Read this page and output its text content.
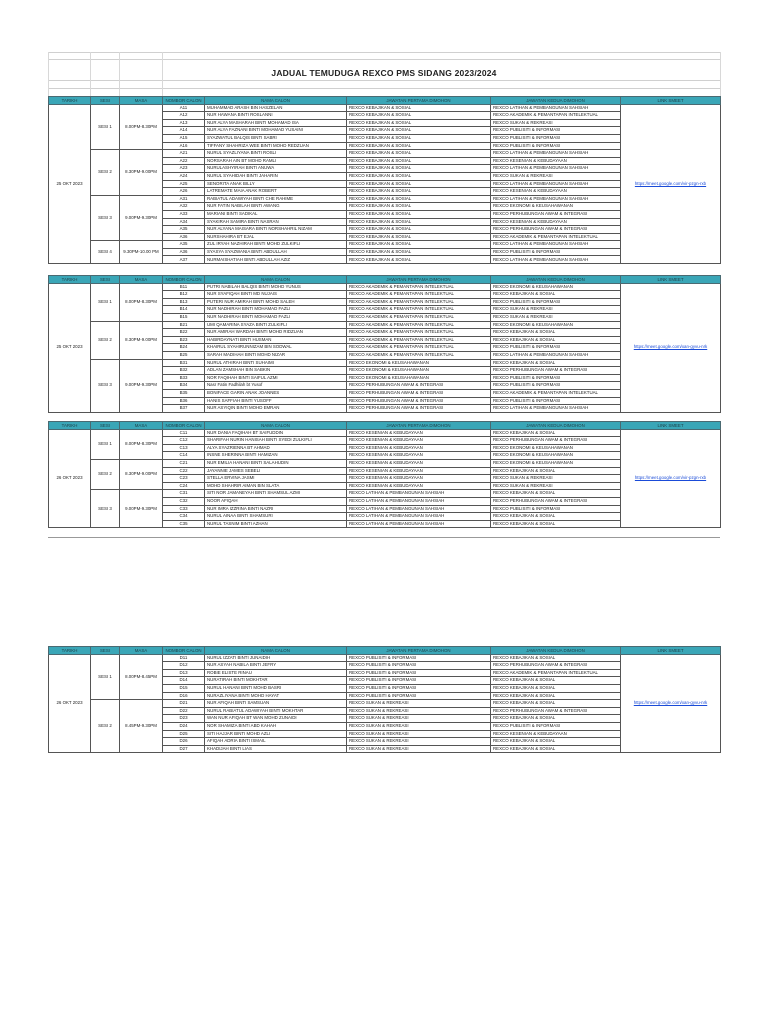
JADUAL TEMUDUGA REXCO PMS SIDANG 2023/2024
TARIKH	SESI	MASA	NOMBOR CALON	NAMA CALON	JAWATAN PERTAMA DIMOHON	JAWATAN KEDUA DIMOHON	LINK SMEET
25 OKT 2023	SESI 1	8.00PM-8.30PM	A11	MUHAMMAD ARASH BIN HASZELAN	REXCO KEBAJIKAN & SOSIAL	REXCO LATIHAN & PEMBANGUNAN SAHSIAH	https://meet.google.com/vir-pzgn-rxb
			A12	NUR HAWANA BINTI ROSLANNI	REXCO KEBAJIKAN & SOSIAL	REXCO AKADEMIK & PEMANTAPAN INTELEKTUAL	
			A13	NUR ALYA MASHARAH BINTI MOHAMAD ISA	REXCO KEBAJIKAN & SOSIAL	REXCO SUKAN & REKREASI	
			A14	NUR ALYA FAZNANI BINTI MOHAMAD YUSAINI	REXCO KEBAJIKAN & SOSIAL	REXCO PUBLISITI & INFORMASI	
			A15	SYAZWATUL BALQIS BINTI SABRI	REXCO KEBAJIKAN & SOSIAL	REXCO PUBLISITI & INFORMASI	
			A16	TIFFANY SHAHRIZA WEE BINTI MOHD REDZUAN	REXCO KEBAJIKAN & SOSIAL	REXCO PUBLISITI & INFORMASI	
	SESI 2	8.30PM-9.00PM	A21	NURUL SYAZLIYANA BINTI ROSLI	REXCO KEBAJIKAN & SOSIAL	REXCO LATIHAN & PEMBANGUNAN SAHSIAH	
			A22	NORSARAH AIN BT MOHD RAMLI	REXCO KEBAJIKAN & SOSIAL	REXCO KESENIAN & KEBUDAYAAN	
			A23	NURULASHYIRAH BINTI ANUWA	REXCO KEBAJIKAN & SOSIAL	REXCO LATIHAN & PEMBANGUNAN SAHSIAH	
			A24	NURUL SYAHIDAH BINTI JAHARIN	REXCO KEBAJIKAN & SOSIAL	REXCO SUKAN & REKREASI	
			A25	SENORITA ANAK BILLY	REXCO KEBAJIKAN & SOSIAL	REXCO LATIHAN & PEMBANGUNAN SAHSIAH	
			A26	LATREMATE MAIA ANAK ROBERT	REXCO KEBAJIKAN & SOSIAL	REXCO KESENIAN & KEBUDAYAAN	
	SESI 3	9.00PM-9.30PM	A31	RABIATUL ADAWIYAH BINTI CHE RAHIME	REXCO KEBAJIKAN & SOSIAL	REXCO LATIHAN & PEMBANGUNAN SAHSIAH	
			A32	NUR FATIN NABILAH BINTI AWANG	REXCO KEBAJIKAN & SOSIAL	REXCO EKONOMI & KEUSAHAWANAN	
			A33	MARIANI BINTI SADIKAL	REXCO KEBAJIKAN & SOSIAL	REXCO PERHUBUNGAN AWAM & INTEGRASI	
			A34	SYAKIRAH SAMIRA BINTI NASRAN	REXCO KEBAJIKAN & SOSIAL	REXCO KESENIAN & KEBUDAYAAN	
			A35	NUR ALYANA MAISARA BINTI NORSHAHRIL NIZAM	REXCO KEBAJIKAN & SOSIAL	REXCO PERHUBUNGAN AWAM & INTEGRASI	
			A36	NURSHAHIRA BT EJAL	REXCO KEBAJIKAN & SOSIAL	REXCO AKADEMIK & PEMANTAPAN INTELEKTUAL	
	SESI 4	9.30PM-10.00 PM	A35	ZUL IRYAH NAZHIRAH BINTI MOHD ZULKIFLI	REXCO KEBAJIKAN & SOSIAL	REXCO LATIHAN & PEMBANGUNAN SAHSIAH	
			A36	SYASYA SYAZWANIA BINTI ABDULLAH	REXCO KEBAJIKAN & SOSIAL	REXCO PUBLISITI & INFORMASI	
			A37	NURMAISHATIAH BINTI ABDULLAH AZIZ	REXCO KEBAJIKAN & SOSIAL	REXCO LATIHAN & PEMBANGUNAN SAHSIAH	
TARIKH	SESI	MASA	NOMBOR CALON	NAMA CALON	JAWATAN PERTAMA DIMOHON	JAWATAN KEDUA DIMOHON	LINK SMEET
25 OKT 2023	SESI 1	8.00PM-8.30PM	B11	PUTRI NABILAH BALQIS BINTI MOHD YUNUS	REXCO AKADEMIK & PEMANTAPAN INTELEKTUAL	REXCO EKONOMI & KEUSAHAWANAN	https://meet.google.com/xan-gyvu-nrk
			B12	NUR SYAFIQAH BINTI MD NUJAIS	REXCO AKADEMIK & PEMANTAPAN INTELEKTUAL	REXCO KEBAJIKAN & SOSIAL	
			B13	PUTERI NUR AMIRAH BINTI MOHD SALEH	REXCO AKADEMIK & PEMANTAPAN INTELEKTUAL	REXCO PUBLISITI & INFORMASI	
			B14	NUR NADHIRAH BINTI MOHAMAD FAZLI	REXCO AKADEMIK & PEMANTAPAN INTELEKTUAL	REXCO SUKAN & REKREASI	
			B15	NUR NADHIRAH BINTI MOHAMAD FAZLI	REXCO AKADEMIK & PEMANTAPAN INTELEKTUAL	REXCO SUKAN & REKREASI	
	SESI 2	8.30PM-9.00PM	B21	UMI QAMARINA SYAZA BINTI ZULKIFLI	REXCO AKADEMIK & PEMANTAPAN INTELEKTUAL	REXCO EKONOMI & KEUSAHAWANAN	
			B22	NUR AMIRAH WARDAH BINTI MOHD RIDZUAN	REXCO AKADEMIK & PEMANTAPAN INTELEKTUAL	REXCO KEBAJIKAN & SOSIAL	
			B23	HABIRDAYNATI BINTI HUSMAN	REXCO AKADEMIK & PEMANTAPAN INTELEKTUAL	REXCO KEBAJIKAN & SOSIAL	
			B24	KHAIRUL SYAHIRUNNIZAM BIN SODWAL	REXCO AKADEMIK & PEMANTAPAN INTELEKTUAL	REXCO PUBLISITI & INFORMASI	
			B25	SARAH MADIHAH BINTI MOHD NIZAR	REXCO AKADEMIK & PEMANTAPAN INTELEKTUAL	REXCO LATIHAN & PEMBANGUNAN SAHSIAH	
	SESI 3	9.00PM-9.30PM	B31	NURUL ATHIRAH BINTI SUHAIMI	REXCO EKONOMI & KEUSAHAWANAN	REXCO KEBAJIKAN & SOSIAL	
			B32	ADLAN ZAMSHAH BIN SABKIN	REXCO EKONOMI & KEUSAHAWANAN	REXCO PERHUBUNGAN AWAM & INTEGRASI	
			B33	NOR FAQIHAH BINTI SAIFUL AZMI	REXCO EKONOMI & KEUSAHAWANAN	REXCO PUBLISITI & INFORMASI	
			B34	Nasr Fatin Fadhilah bt Yusof	REXCO PERHUBUNGAN AWAM & INTEGRASI	REXCO PUBLISITI & INFORMASI	
			B35	BONIFACE GARIN ANAK JOANNES	REXCO PERHUBUNGAN AWAM & INTEGRASI	REXCO AKADEMIK & PEMANTAPAN INTELEKTUAL	
			B36	HANIS SAFFIAH BINTI YUSOFF	REXCO PERHUBUNGAN AWAM & INTEGRASI	REXCO PUBLISITI & INFORMASI	
			B37	NUR ASYIQIN BINTI MOHD EMRAN	REXCO PERHUBUNGAN AWAM & INTEGRASI	REXCO LATIHAN & PEMBANGUNAN SAHSIAH	
TARIKH	SESI	MASA	NOMBOR CALON	NAMA CALON	JAWATAN PERTAMA DIMOHON	JAWATAN KEDUA DIMOHON	LINK SMEET
26 OKT 2023	SESI 1	8.00PM-8.30PM	C11	NUR DANIA FAQIHAH BT SAIFUDDIN	REXCO KESENIAN & KEBUDAYAAN	REXCO KEBAJIKAN & SOSIAL	https://meet.google.com/vir-pzgn-rxb
			C12	SHARIFAH NURIN HANISAH BINTI SYEDI ZULKIFLI	REXCO KESENIAN & KEBUDAYAAN	REXCO PERHUBUNGAN AWAM & INTEGRASI	
			C13	ALYA SYAZRIENNA BT AHMAD	REXCO KESENIAN & KEBUDAYAAN	REXCO EKONOMI & KEUSAHAWANAN	
			C14	INSNE SHERINNA BINTI HAMIZAN	REXCO KESENIAN & KEBUDAYAAN	REXCO EKONOMI & KEUSAHAWANAN	
	SESI 2	8.30PM-9.00PM	C21	NUR EMILIA HANANI BINTI SALAHUDIN	REXCO KESENIAN & KEBUDAYAAN	REXCO EKONOMI & KEUSAHAWANAN	
			C22	JAYANNIE JAMES SEBELI	REXCO KESENIAN & KEBUDAYAAN	REXCO KEBAJIKAN & SOSIAL	
			C23	STELLA ERVINA JASMI	REXCO KESENIAN & KEBUDAYAAN	REXCO SUKAN & REKREASI	
			C24	MOHD SHAHRIR AIMAN BIN SLATA	REXCO KESENIAN & KEBUDAYAAN	REXCO SUKAN & REKREASI	
	SESI 3	9.00PM-9.30PM	C31	SITI NOR JAMANEYAH BINTI SHAMSUL AZMI	REXCO LATIHAN & PEMBANGUNAN SAHSIAH	REXCO KEBAJIKAN & SOSIAL	
			C32	NOOR AFIQAH	REXCO LATIHAN & PEMBANGUNAN SAHSIAH	REXCO PERHUBUNGAN AWAM & INTEGRASI	
			C33	NUR IMRA IZZRINA BINTI NAZRI	REXCO LATIHAN & PEMBANGUNAN SAHSIAH	REXCO PUBLISITI & INFORMASI	
			C34	NURUL AINAA BINTI SHAMSURI	REXCO LATIHAN & PEMBANGUNAN SAHSIAH	REXCO KEBAJIKAN & SOSIAL	
			C35	NURUL TASNIM BINTI AZHAN	REXCO LATIHAN & PEMBANGUNAN SAHSIAH	REXCO KEBAJIKAN & SOSIAL	
TARIKH	SESI	MASA	NOMBOR CALON	NAMA CALON	JAWATAN PERTAMA DIMOHON	JAWATAN KEDUA DIMOHON	LINK SMEET
26 OKT 2023	SESI 1	8.00PM-8.45PM	D11	NURUL IZZATI BINTI JUNAIDIH	REXCO PUBLISITI & INFORMASI	REXCO KEBAJIKAN & SOSIAL	https://meet.google.com/xan-gyvu-nrk
			D12	NUR ASYAH NABILA BINTI JEFRY	REXCO PUBLISITI & INFORMASI	REXCO PERHUBUNGAN AWAM & INTEGRASI	
			D13	ROBIE ELISTE RINAU	REXCO PUBLISITI & INFORMASI	REXCO AKADEMIK & PEMANTAPAN INTELEKTUAL	
			D14	NURATIRAH BINTI MOKHTAR	REXCO PUBLISITI & INFORMASI	REXCO KEBAJIKAN & SOSIAL	
			D15	NURUL HANANI BINTI MOHD BASRI	REXCO PUBLISITI & INFORMASI	REXCO KEBAJIKAN & SOSIAL	
			D16	NURAZLIYANA BINTI MOHD HAYAT	REXCO PUBLISITI & INFORMASI	REXCO KEBAJIKAN & SOSIAL	
	SESI 2	8.45PM-9.30PM	D21	NUR AFIQAH BINTI SAMSUAN	REXCO SUKAN & REKREASI	REXCO KEBAJIKAN & SOSIAL	
			D22	NURUL RABIATUL ADAWIYAH BINTI MOKHTAR	REXCO SUKAN & REKREASI	REXCO PERHUBUNGAN AWAM & INTEGRASI	
			D23	WAN NUR AFIQAH BT WAN MOHD ZUNAIDI	REXCO SUKAN & REKREASI	REXCO KEBAJIKAN & SOSIAL	
			D24	NOR SHAMIZA BINTI ABD KAHAH	REXCO SUKAN & REKREASI	REXCO PUBLISITI & INFORMASI	
			D25	SITI HAJJAR BINTI MOHD AZLI	REXCO SUKAN & REKREASI	REXCO KESENIAN & KEBUDAYAAN	
			D26	AFIQAH ADRIA BINTI ISMAIL	REXCO SUKAN & REKREASI	REXCO KEBAJIKAN & SOSIAL	
			D27	KHADIJAH BINTI LIAS	REXCO SUKAN & REKREASI	REXCO KEBAJIKAN & SOSIAL	
